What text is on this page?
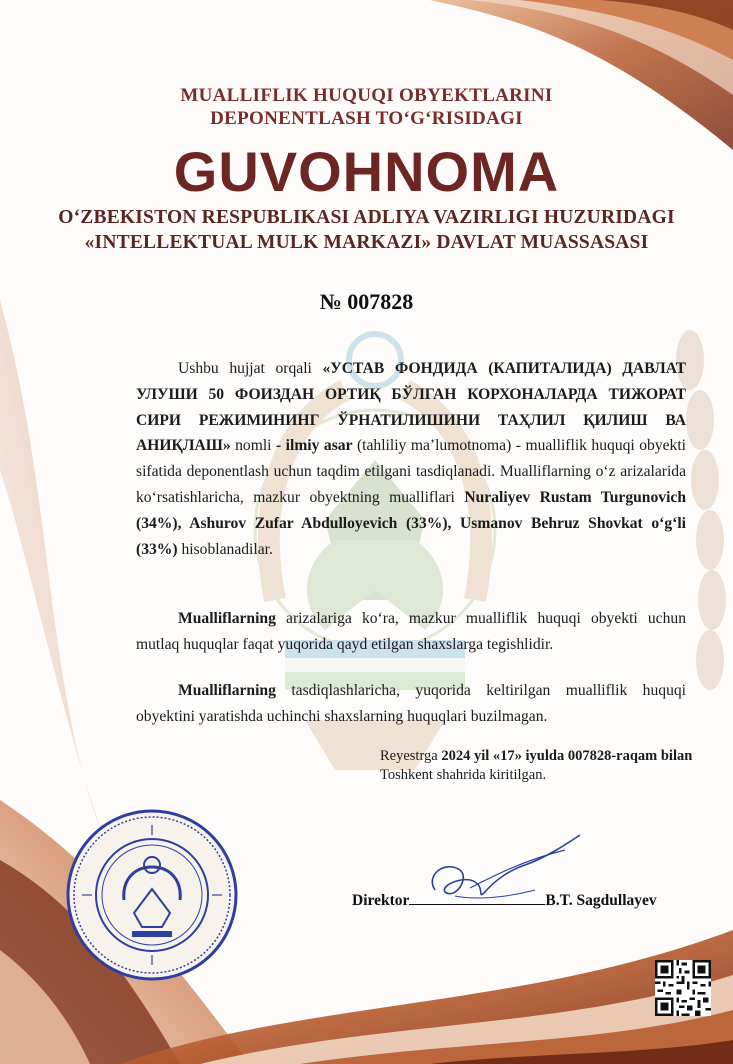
MUALLIFLIK HUQUQI OBYEKTLARINI
DEPONENTLASH TO‘G‘RISIDAGI
GUVOHNOMA
O‘ZBEKISTON RESPUBLIKASI ADLIYA VAZIRLIGI HUZURIDAGI
«INTELLEKTUAL MULK MARKAZI» DAVLAT MUASSASASI
№ 007828
Ushbu hujjat orqali «УСТАВ ФОНДИДА (КАПИТАЛИДА) ДАВЛАТ УЛУШИ 50 ФОИЗДАН ОРТИҚ БЎЛГАН КОРХОНАЛАРДА ТИЖОРАТ СИРИ РЕЖИМИНИНГ ЎРНАТИЛИШИНИ ТАҲЛИЛ ҚИЛИШ ВА АНИҚЛАШ» nomli - ilmiy asar (tahliliy ma’lumotnoma) - mualliflik huquqi obyekti sifatida deponentlash uchun taqdim etilgani tasdiqlanadi. Mualliflarning o‘z arizalarida ko‘rsatishlaricha, mazkur obyektning mualliflari Nuraliyev Rustam Turgunovich (34%), Ashurov Zufar Abdulloyevich (33%), Usmanov Behruz Shovkat o‘g‘li (33%) hisoblanadilar.
Mualliflarning arizalariga ko‘ra, mazkur mualliflik huquqi obyekti uchun mutlaq huquqlar faqat yuqorida qayd etilgan shaxslarga tegishlidir.
Mualliflarning tasdiqlashlaricha, yuqorida keltirilgan mualliflik huquqi obyektini yaratishda uchinchi shaxslarning huquqlari buzilmagan.
Reyestrga 2024 yil «17» iyulda 007828-raqam bilan Toshkent shahrida kiritilgan.
Direktor	B.T. Sagdullayev
